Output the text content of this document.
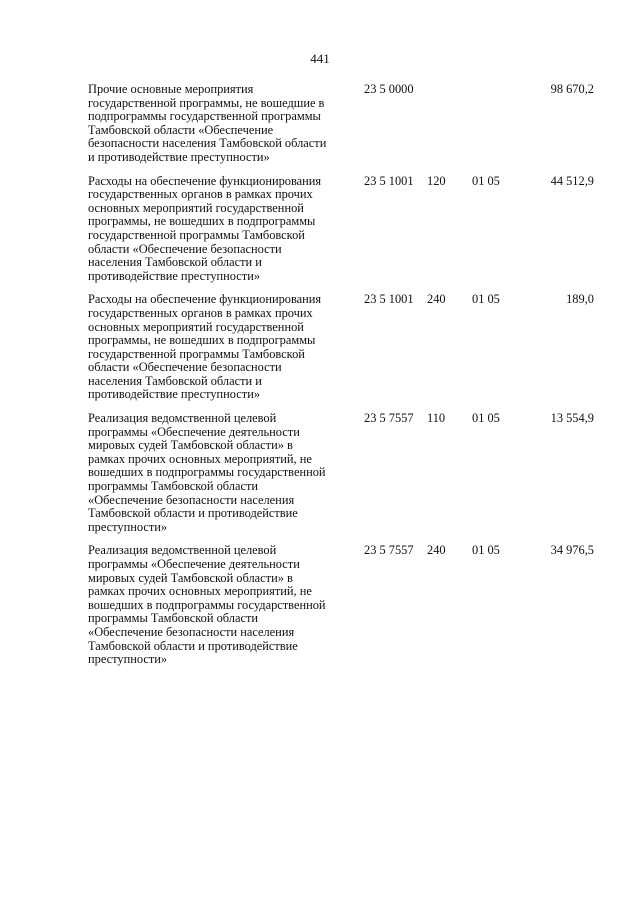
441
Прочие основные мероприятия
государственной программы, не вошедшие в
подпрограммы государственной программы
Тамбовской области «Обеспечение
безопасности населения Тамбовской области
и противодействие преступности»
23 5 0000	98 670,2
Расходы на обеспечение функционирования
государственных органов в рамках прочих
основных мероприятий государственной
программы, не вошедших в подпрограммы
государственной программы Тамбовской
области «Обеспечение безопасности
населения Тамбовской области и
противодействие преступности»
23 5 1001 120 01 05	44 512,9
Расходы на обеспечение функционирования
государственных органов в рамках прочих
основных мероприятий государственной
программы, не вошедших в подпрограммы
государственной программы Тамбовской
области «Обеспечение безопасности
населения Тамбовской области и
противодействие преступности»
23 5 1001 240 01 05	189,0
Реализация ведомственной целевой
программы «Обеспечение деятельности
мировых судей Тамбовской области» в
рамках прочих основных мероприятий, не
вошедших в подпрограммы государственной
программы Тамбовской области
«Обеспечение безопасности населения
Тамбовской области и противодействие
преступности»
23 5 7557 110 01 05	13 554,9
Реализация ведомственной целевой
программы «Обеспечение деятельности
мировых судей Тамбовской области» в
рамках прочих основных мероприятий, не
вошедших в подпрограммы государственной
программы Тамбовской области
«Обеспечение безопасности населения
Тамбовской области и противодействие
преступности»
23 5 7557 240 01 05	34 976,5
